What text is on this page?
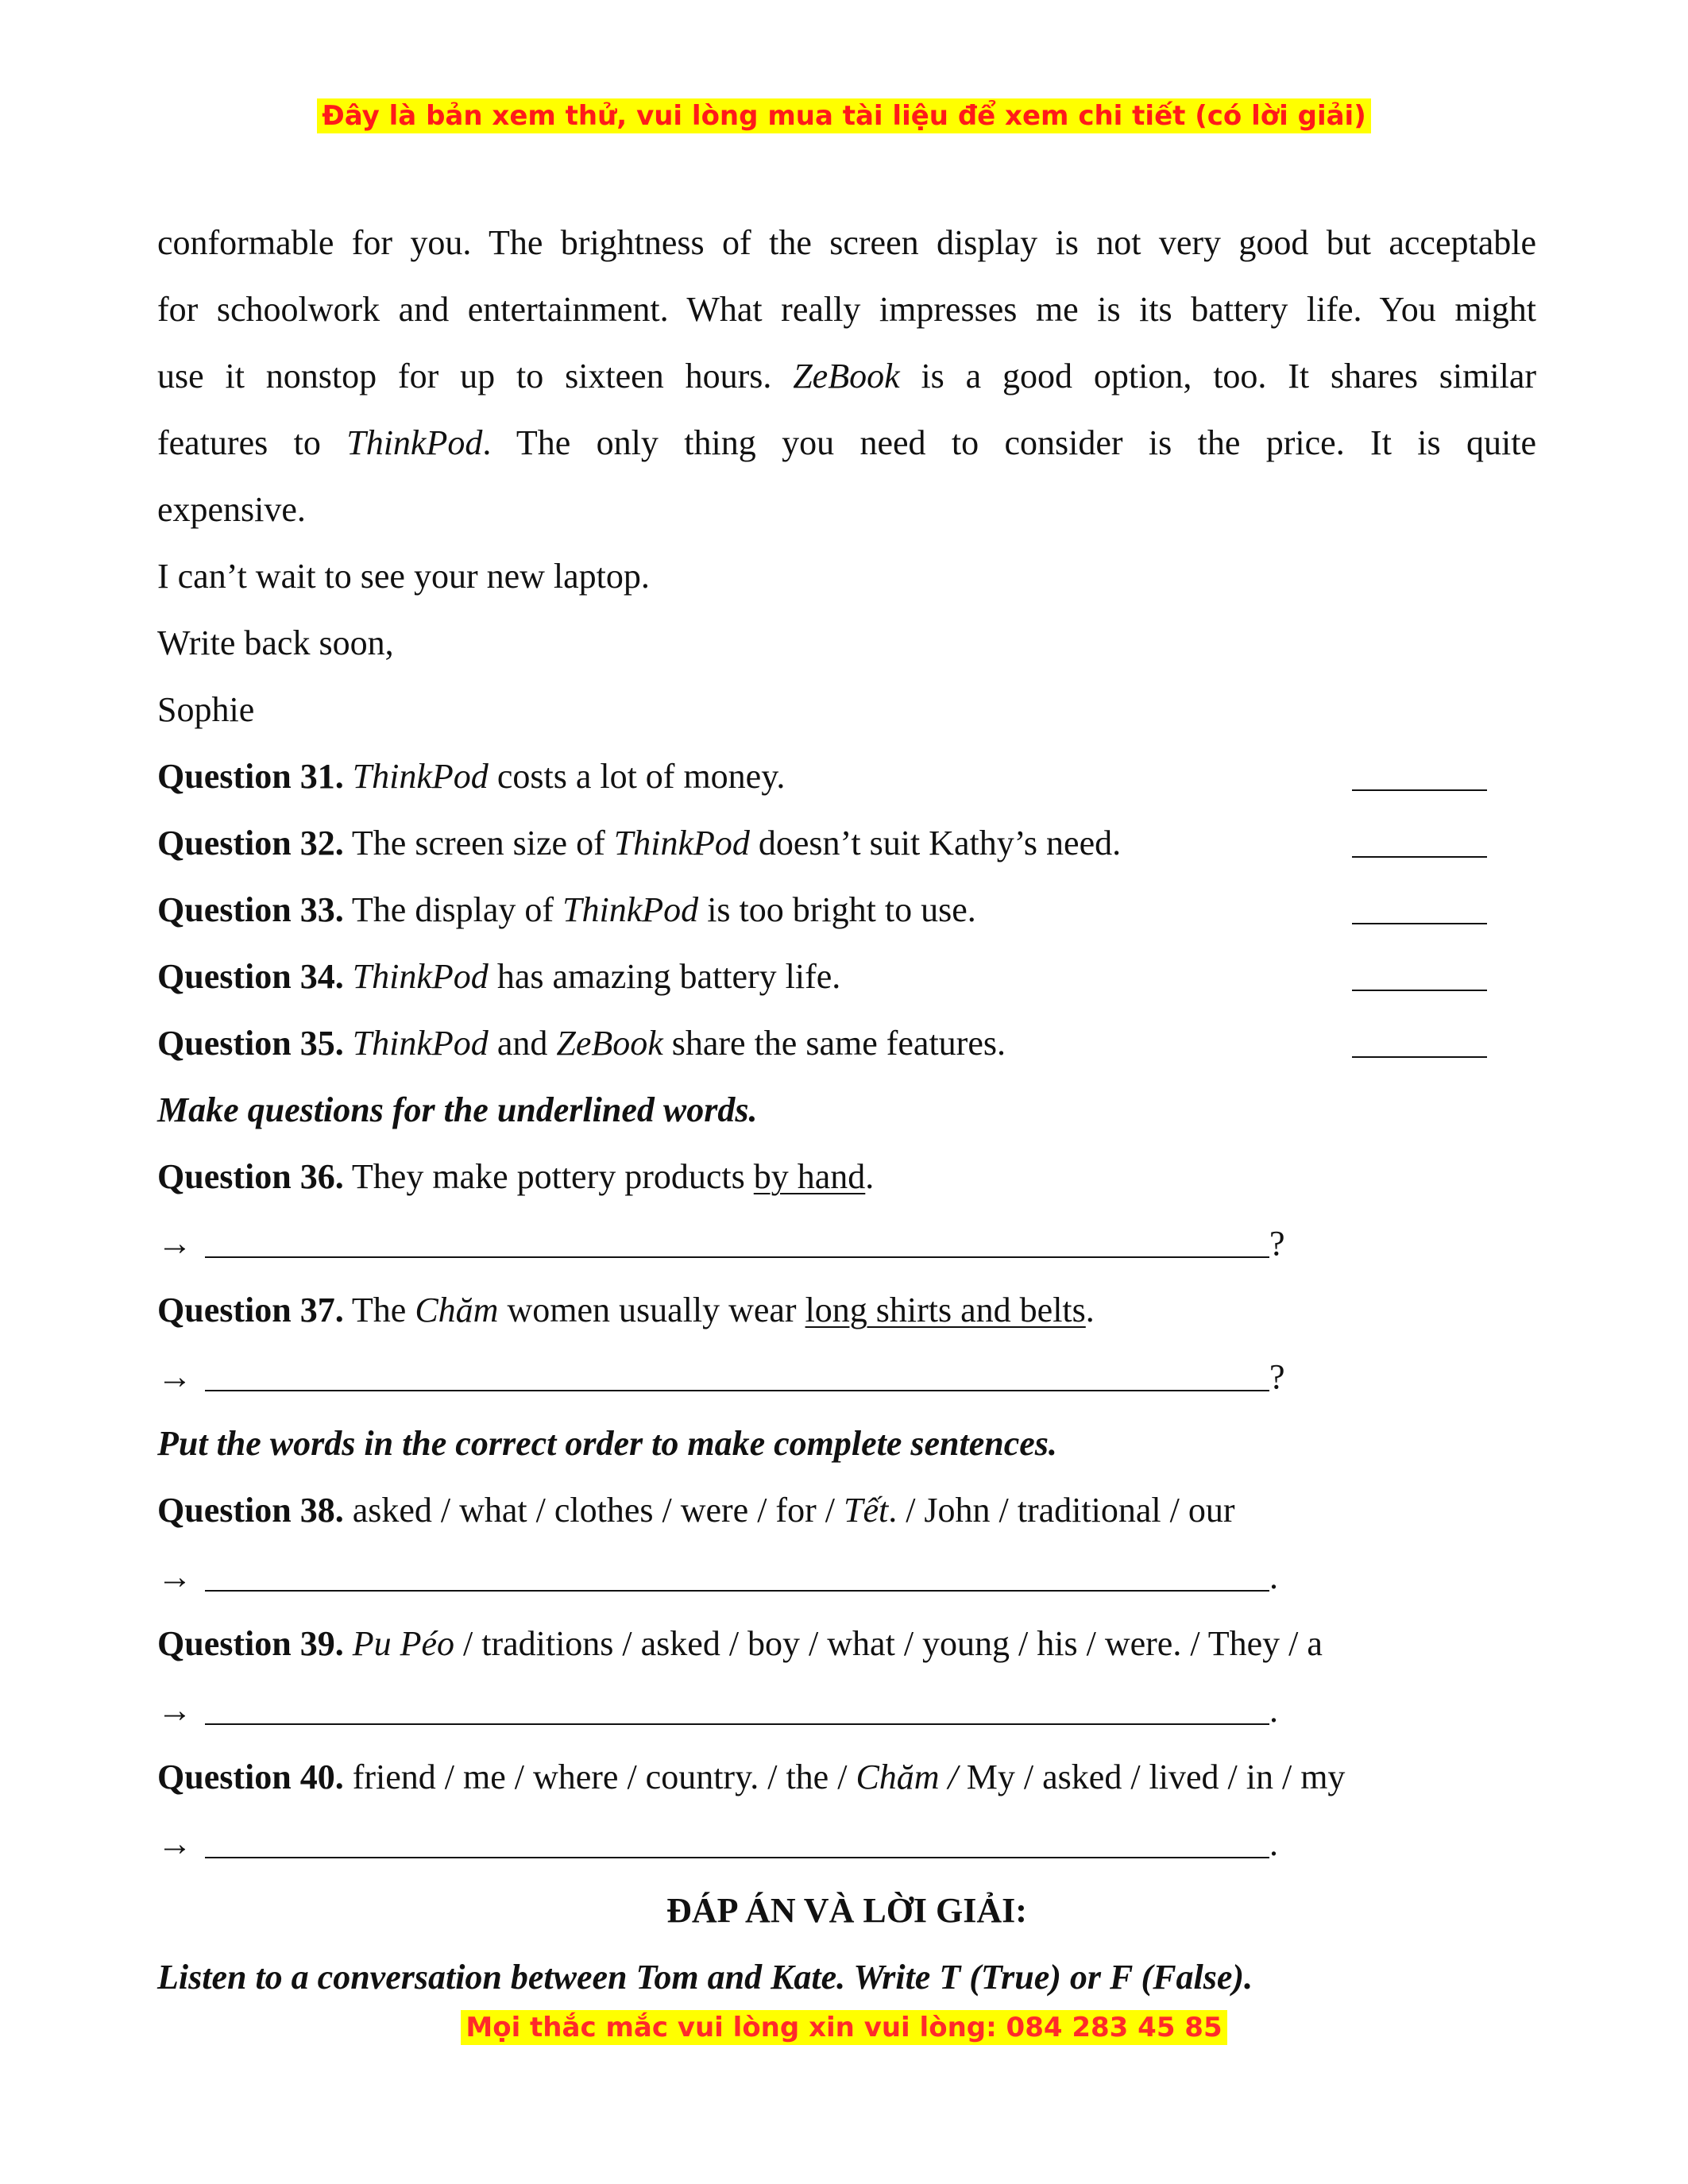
Đây là bản xem thử, vui lòng mua tài liệu để xem chi tiết (có lời giải)
conformable for you. The brightness of the screen display is not very good but acceptable
for schoolwork and entertainment. What really impresses me is its battery life. You might
use it nonstop for up to sixteen hours. ZeBook is a good option, too. It shares similar
features to ThinkPod. The only thing you need to consider is the price. It is quite
expensive.
I can’t wait to see your new laptop.
Write back soon,
Sophie
Question 31. ThinkPod costs a lot of money.
Question 32. The screen size of ThinkPod doesn’t suit Kathy’s need.
Question 33. The display of ThinkPod is too bright to use.
Question 34. ThinkPod has amazing battery life.
Question 35. ThinkPod and ZeBook share the same features.
Make questions for the underlined words.
Question 36. They make pottery products by hand.
→	?
Question 37. The Chăm women usually wear long shirts and belts.
→	?
Put the words in the correct order to make complete sentences.
Question 38. asked / what / clothes / were / for / Tết. / John / traditional / our
→	.
Question 39. Pu Péo / traditions / asked / boy / what / young / his / were. / They / a
→	.
Question 40. friend / me / where / country. / the / Chăm / My / asked / lived / in / my
→	.
ĐÁP ÁN VÀ LỜI GIẢI:
Listen to a conversation between Tom and Kate. Write T (True) or F (False).
Mọi thắc mắc vui lòng xin vui lòng: 084 283 45 85
